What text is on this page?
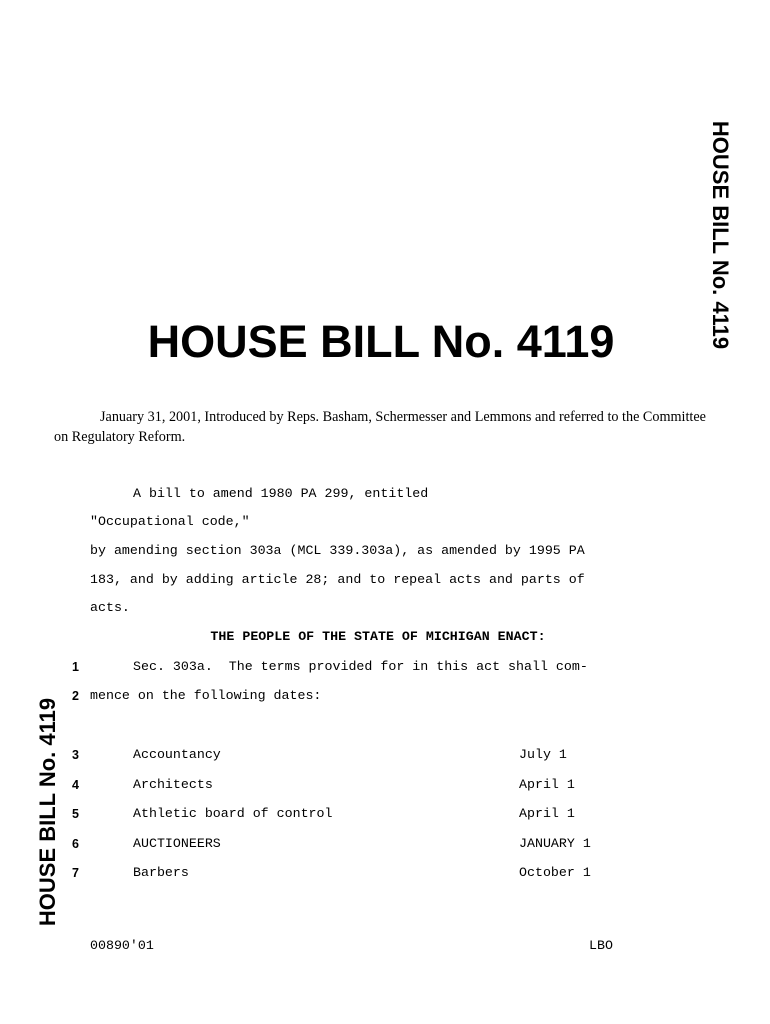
HOUSE BILL No. 4119
HOUSE BILL No. 4119
HOUSE BILL No. 4119
January 31, 2001, Introduced by Reps. Basham, Schermesser and Lemmons and referred to the Committee on Regulatory Reform.
A bill to amend 1980 PA 299, entitled
"Occupational code,"
by amending section 303a (MCL 339.303a), as amended by 1995 PA
183, and by adding article 28; and to repeal acts and parts of
acts.
THE PEOPLE OF THE STATE OF MICHIGAN ENACT:
1	Sec. 303a.  The terms provided for in this act shall com-
2 mence on the following dates:
3	Accountancy	July 1
4	Architects	April 1
5	Athletic board of control	April 1
6	AUCTIONEERS	JANUARY 1
7	Barbers	October 1
00890'01	LBO
